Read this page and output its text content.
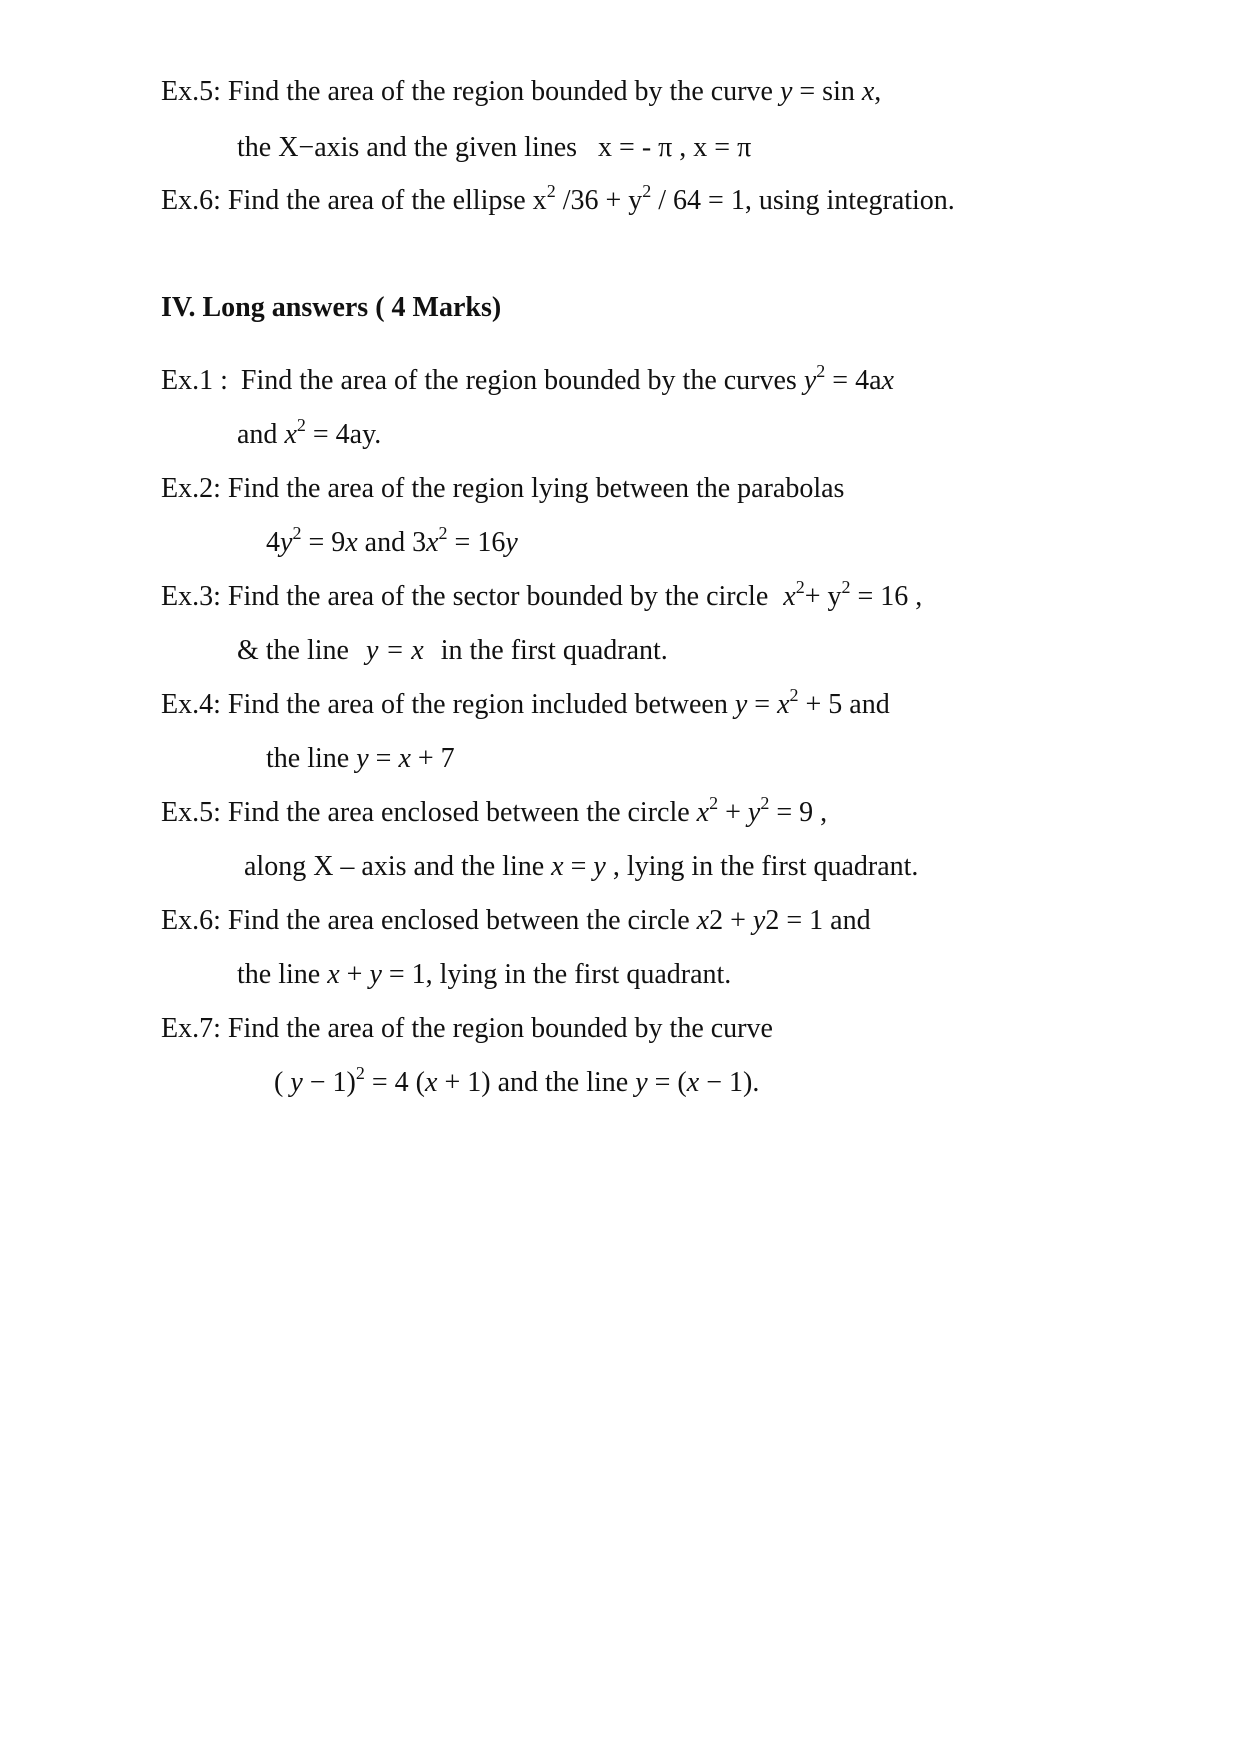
Ex.5: Find the area of the region bounded by the curve y = sin x,
the X−axis and the given lines x = - π , x = π
Ex.6: Find the area of the ellipse $x^2$ $/36 + y^2 / 64 = 1$, using integration.
IV. Long answers ( 4 Marks)
Ex.1 : Find the area of the region bounded by the curves $y^2 = 4ax$
and $x^2 = 4ay$.
Ex.2: Find the area of the region lying between the parabolas
$4y^2 = 9x$ and $3x^2 = 16y$
Ex.3: Find the area of the sector bounded by the circle $x^2+ y^2 = 16$ ,
& the line y = x in the first quadrant.
Ex.4: Find the area of the region included between $y = x^2 + 5$ and
the line y = x + 7
Ex.5: Find the area enclosed between the circle $x^2 + y^2 = 9$ ,
along X – axis and the line x = y , lying in the first quadrant.
Ex.6: Find the area enclosed between the circle x2 + y2 = 1 and
the line x + y = 1, lying in the first quadrant.
Ex.7: Find the area of the region bounded by the curve
( y − 1)$^2$ = 4 (x + 1) and the line y = (x − 1).
